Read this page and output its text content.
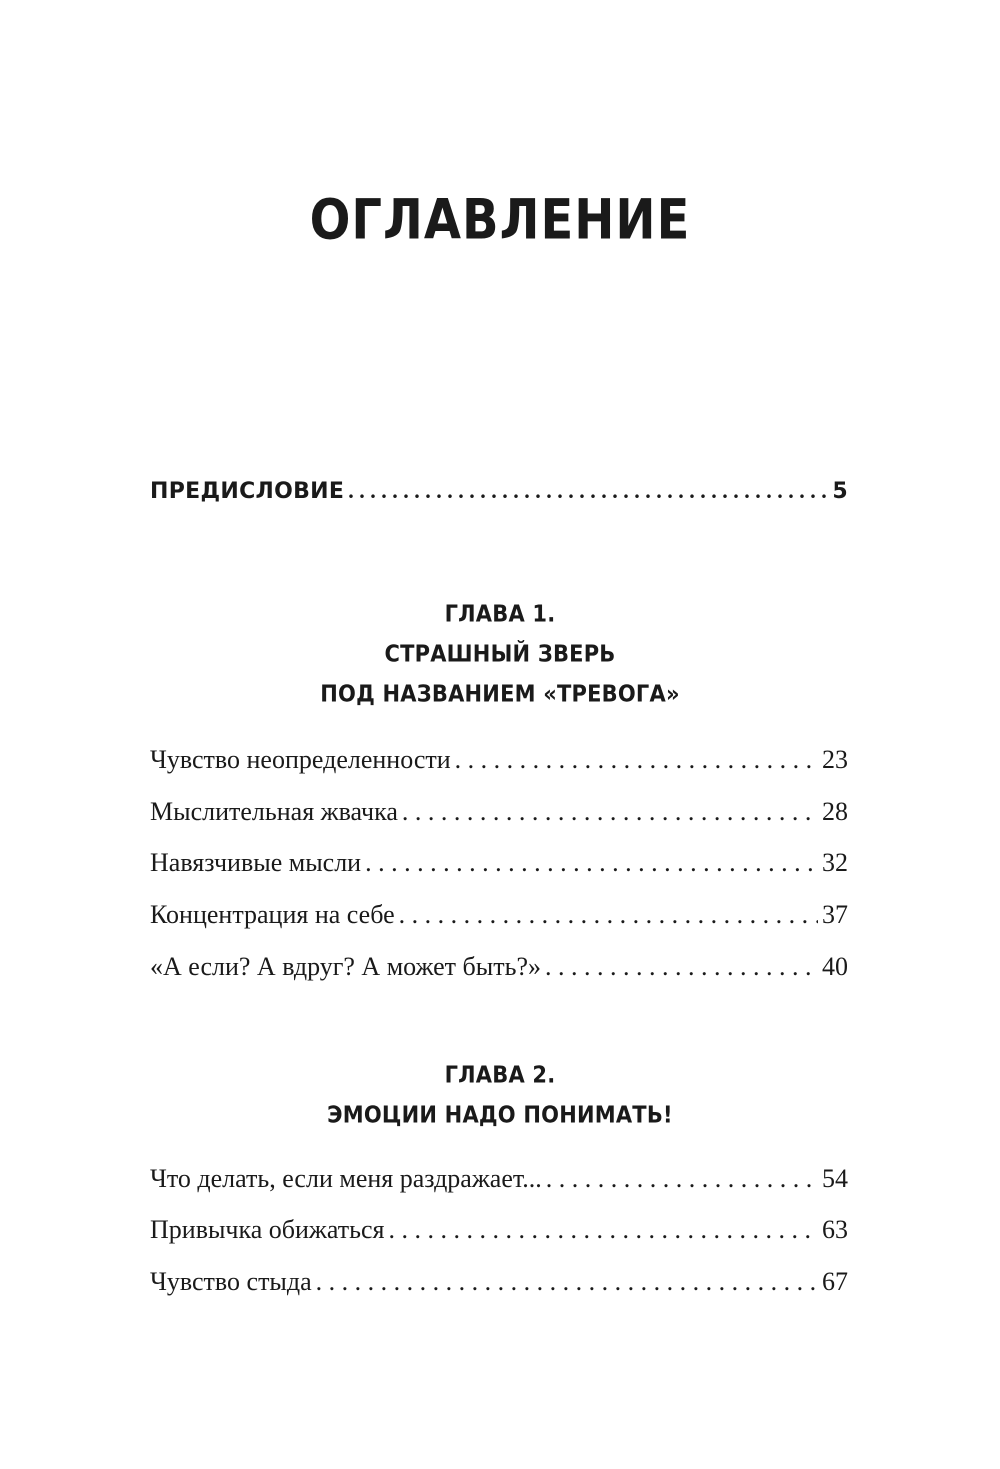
ОГЛАВЛЕНИЕ
ПРЕДИСЛОВИЕ . . .	5
ГЛАВА 1.
СТРАШНЫЙ ЗВЕРЬ
ПОД НАЗВАНИЕМ «ТРЕВОГА»
Чувство неопределенности . . .	23
Мыслительная жвачка . . .	28
Навязчивые мысли . . .	32
Концентрация на себе . . .	37
«А если? А вдруг? А может быть?» . . .	40
ГЛАВА 2.
ЭМОЦИИ НАДО ПОНИМАТЬ!
Что делать, если меня раздражает... . . .	54
Привычка обижаться . . .	63
Чувство стыда . . .	67
